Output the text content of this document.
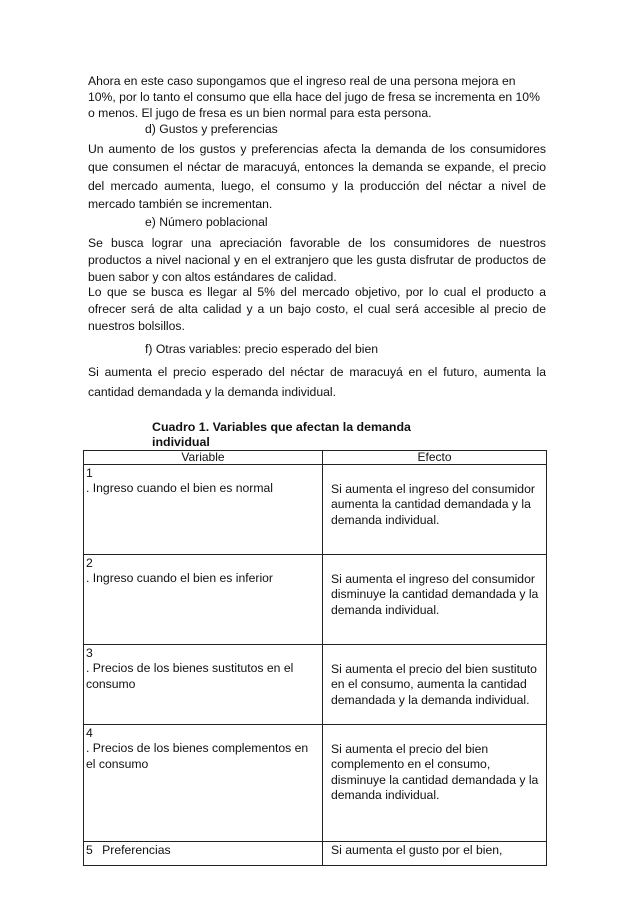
Ahora en este caso supongamos que el ingreso real de una persona mejora en 10%, por lo tanto el consumo que ella hace del jugo de fresa se incrementa en 10% o menos. El jugo de fresa es un bien normal para esta persona.

d) Gustos y preferencias

Un aumento de los gustos y preferencias afecta la demanda de los consumidores que consumen el néctar de maracuyá, entonces la demanda se expande, el precio del mercado aumenta, luego, el consumo y la producción del néctar a nivel de mercado también se incrementan.

e) Número poblacional

Se busca lograr una apreciación favorable de los consumidores de nuestros productos a nivel nacional y en el extranjero que les gusta disfrutar de productos de buen sabor y con altos estándares de calidad.

Lo que se busca es llegar al 5% del mercado objetivo, por lo cual el producto a ofrecer será de alta calidad y a un bajo costo, el cual será accesible al precio de nuestros bolsillos.

f) Otras variables: precio esperado del bien

Si aumenta el precio esperado del néctar de maracuyá en el futuro, aumenta la cantidad demandada y la demanda individual.

Cuadro 1. Variables que afectan la demanda individual
Variable	Efecto

1
. Ingreso cuando el bien es normal	Si aumenta el ingreso del consumidor aumenta la cantidad demandada y la demanda individual.

2
. Ingreso cuando el bien es inferior	Si aumenta el ingreso del consumidor disminuye la cantidad demandada y la demanda individual.

3
. Precios de los bienes sustitutos en el consumo	Si aumenta el precio del bien sustituto en el consumo, aumenta la cantidad demandada y la demanda individual.

4
. Precios de los bienes complementos en el consumo	Si aumenta el precio del bien complemento en el consumo, disminuye la cantidad demandada y la demanda individual.
5 Preferencias	Si aumenta el gusto por el bien,
